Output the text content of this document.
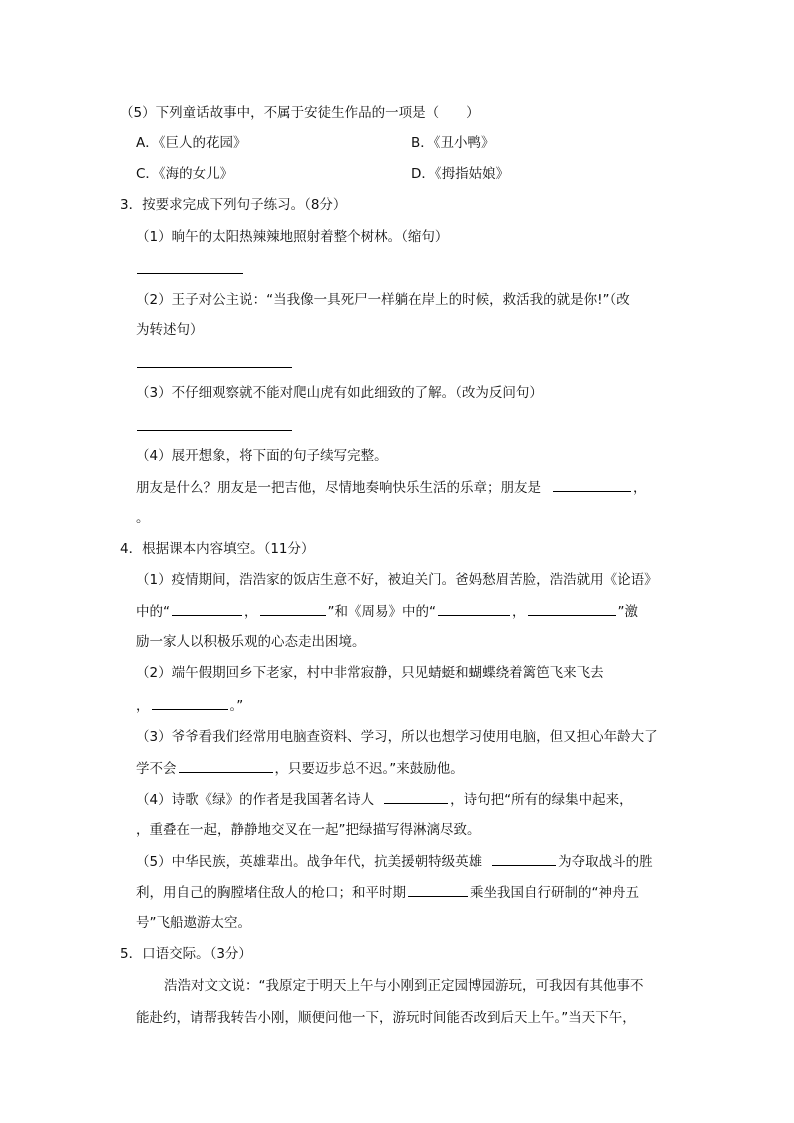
（5）下列童话故事中，不属于安徒生作品的一项是（　　）
A．《巨人的花园》	B．《丑小鸭》
C．《海的女儿》	D．《拇指姑娘》
3．按要求完成下列句子练习。（8分）
（1）晌午的太阳热辣辣地照射着整个树林。（缩句）
（2）王子对公主说：“当我像一具死尸一样躺在岸上的时候，救活我的就是你!”（改
为转述句）
（3）不仔细观察就不能对爬山虎有如此细致的了解。（改为反问句）
（4）展开想象，将下面的句子续写完整。
朋友是什么？朋友是一把吉他，尽情地奏响快乐生活的乐章；朋友是	，
。
4．根据课本内容填空。（11分）
（1）疫情期间，浩浩家的饭店生意不好，被迫关门。爸妈愁眉苦脸，浩浩就用《论语》
中的“	，	”和《周易》中的“	，	”激
励一家人以积极乐观的心态走出困境。
（2）端午假期回乡下老家，村中非常寂静，只见蜻蜓和蝴蝶绕着篱笆飞来飞去
，	。”
（3）爷爷看我们经常用电脑查资料、学习，所以也想学习使用电脑，但又担心年龄大了
学不会	，只要迈步总不迟。”来鼓励他。
（4）诗歌《绿》的作者是我国著名诗人	，诗句把“所有的绿集中起来，
，重叠在一起，静静地交叉在一起”把绿描写得淋漓尽致。
（5）中华民族，英雄辈出。战争年代，抗美援朝特级英雄	为夺取战斗的胜
利，用自己的胸膛堵住敌人的枪口；和平时期	乘坐我国自行研制的“神舟五
号”飞船遨游太空。
5．口语交际。（3分）
浩浩对文文说：“我原定于明天上午与小刚到正定园博园游玩，可我因有其他事不
能赴约，请帮我转告小刚，顺便问他一下，游玩时间能否改到后天上午。”当天下午，
